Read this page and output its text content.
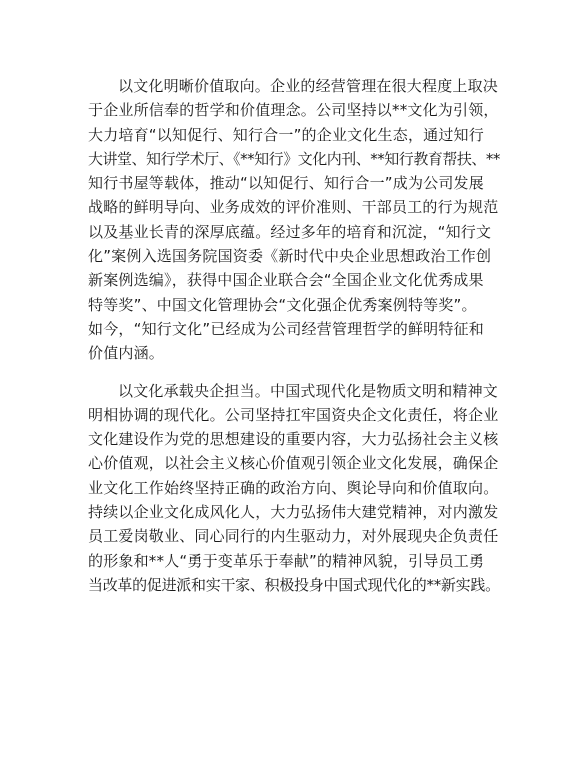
以文化明晰价值取向。企业的经营管理在很大程度上取决
于企业所信奉的哲学和价值理念。公司坚持以**文化为引领，
大力培育“以知促行、知行合一”的企业文化生态，通过知行
大讲堂、知行学术厅、《**知行》文化内刊、**知行教育帮扶、**
知行书屋等载体，推动“以知促行、知行合一”成为公司发展
战略的鲜明导向、业务成效的评价准则、干部员工的行为规范
以及基业长青的深厚底蕴。经过多年的培育和沉淀，“知行文
化”案例入选国务院国资委《新时代中央企业思想政治工作创
新案例选编》，获得中国企业联合会“全国企业文化优秀成果
特等奖”、中国文化管理协会“文化强企优秀案例特等奖”。
如今，“知行文化”已经成为公司经营管理哲学的鲜明特征和
价值内涵。

以文化承载央企担当。中国式现代化是物质文明和精神文
明相协调的现代化。公司坚持扛牢国资央企文化责任，将企业
文化建设作为党的思想建设的重要内容，大力弘扬社会主义核
心价值观，以社会主义核心价值观引领企业文化发展，确保企
业文化工作始终坚持正确的政治方向、舆论导向和价值取向。
持续以企业文化成风化人，大力弘扬伟大建党精神，对内激发
员工爱岗敬业、同心同行的内生驱动力，对外展现央企负责任
的形象和**人“勇于变革乐于奉献”的精神风貌，引导员工勇
当改革的促进派和实干家、积极投身中国式现代化的**新实践。
